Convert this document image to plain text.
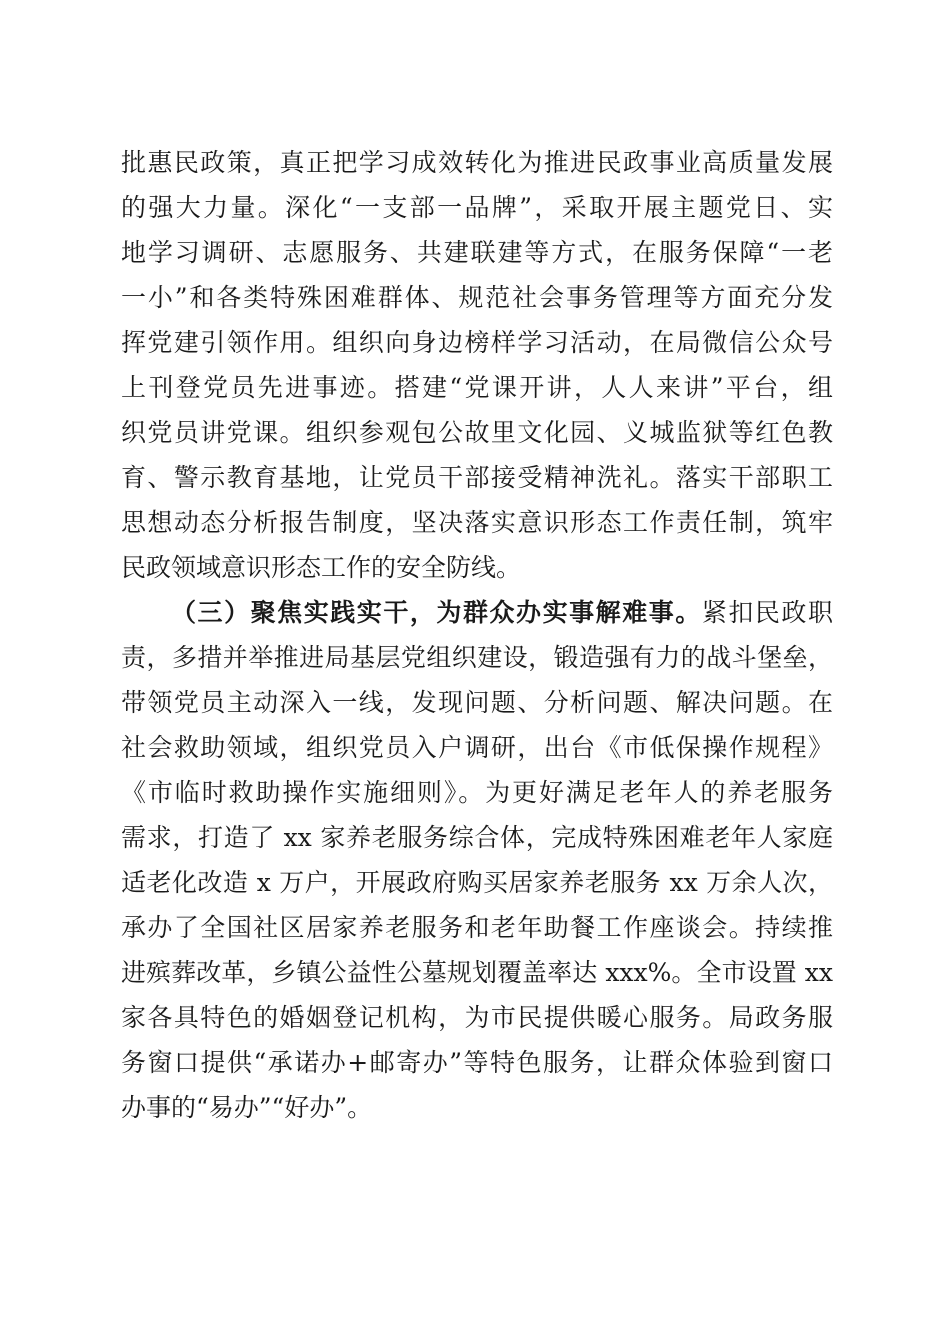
批惠民政策，真正把学习成效转化为推进民政事业高质量发展
的强大力量。深化“一支部一品牌”，采取开展主题党日、实
地学习调研、志愿服务、共建联建等方式，在服务保障“一老
一小”和各类特殊困难群体、规范社会事务管理等方面充分发
挥党建引领作用。组织向身边榜样学习活动，在局微信公众号
上刊登党员先进事迹。搭建“党课开讲，人人来讲”平台，组
织党员讲党课。组织参观包公故里文化园、义城监狱等红色教
育、警示教育基地，让党员干部接受精神洗礼。落实干部职工
思想动态分析报告制度，坚决落实意识形态工作责任制，筑牢
民政领域意识形态工作的安全防线。
（三）聚焦实践实干，为群众办实事解难事。紧扣民政职
责，多措并举推进局基层党组织建设，锻造强有力的战斗堡垒，
带领党员主动深入一线，发现问题、分析问题、解决问题。在
社会救助领域，组织党员入户调研，出台《市低保操作规程》
《市临时救助操作实施细则》。为更好满足老年人的养老服务
需求，打造了 xx 家养老服务综合体，完成特殊困难老年人家庭
适老化改造 x 万户，开展政府购买居家养老服务 xx 万余人次，
承办了全国社区居家养老服务和老年助餐工作座谈会。持续推
进殡葬改革，乡镇公益性公墓规划覆盖率达 xxx%。全市设置 xx
家各具特色的婚姻登记机构，为市民提供暖心服务。局政务服
务窗口提供“承诺办+邮寄办”等特色服务，让群众体验到窗口
办事的“易办”“好办”。
